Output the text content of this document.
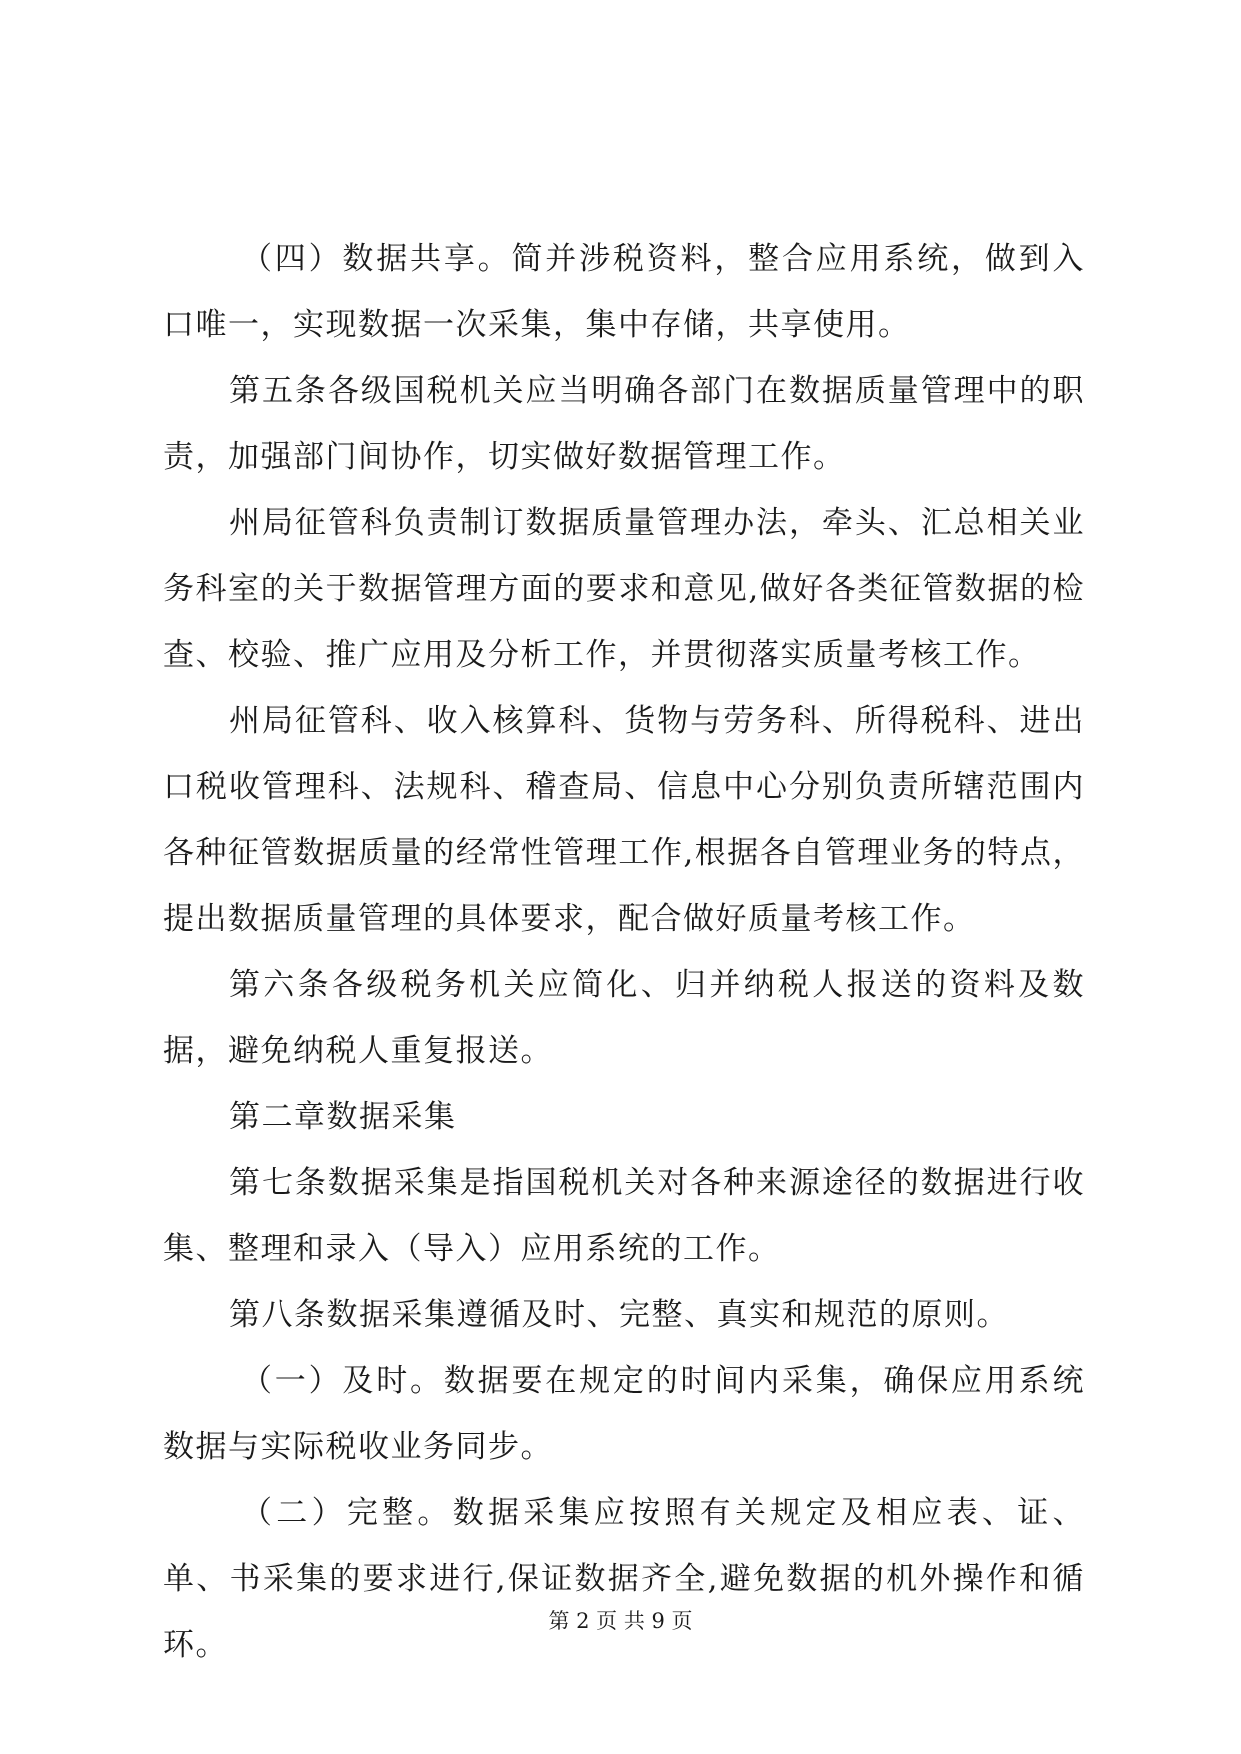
（四）数据共享。简并涉税资料，整合应用系统，做到入口唯一，实现数据一次采集，集中存储，共享使用。

第五条各级国税机关应当明确各部门在数据质量管理中的职责，加强部门间协作，切实做好数据管理工作。

州局征管科负责制订数据质量管理办法，牵头、汇总相关业务科室的关于数据管理方面的要求和意见,做好各类征管数据的检查、校验、推广应用及分析工作，并贯彻落实质量考核工作。

州局征管科、收入核算科、货物与劳务科、所得税科、进出口税收管理科、法规科、稽查局、信息中心分别负责所辖范围内各种征管数据质量的经常性管理工作,根据各自管理业务的特点，提出数据质量管理的具体要求，配合做好质量考核工作。

第六条各级税务机关应简化、归并纳税人报送的资料及数据，避免纳税人重复报送。

第二章数据采集

第七条数据采集是指国税机关对各种来源途径的数据进行收集、整理和录入（导入）应用系统的工作。

第八条数据采集遵循及时、完整、真实和规范的原则。

（一）及时。数据要在规定的时间内采集，确保应用系统数据与实际税收业务同步。

（二）完整。数据采集应按照有关规定及相应表、证、单、书采集的要求进行,保证数据齐全,避免数据的机外操作和循环。

第 2 页 共 9 页
